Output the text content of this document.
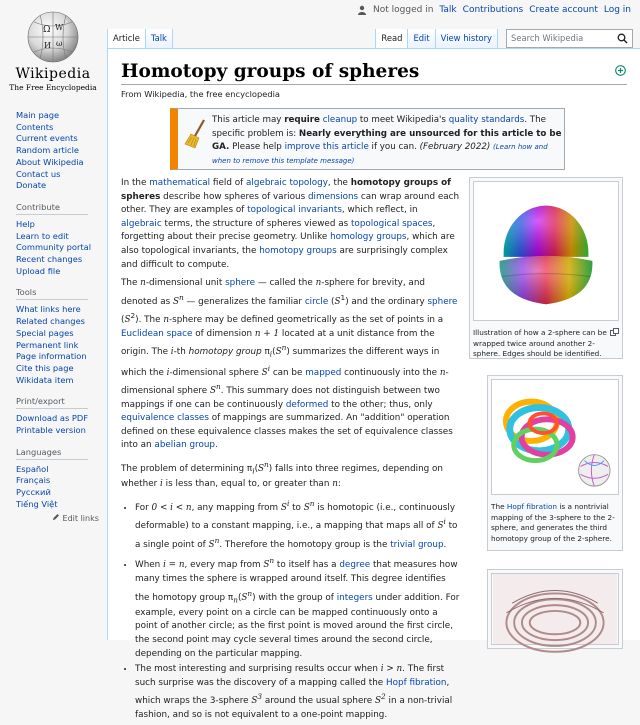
Not logged in Talk Contributions Create account Log in
Ω W
И ω
Wikipedia
The Free Encyclopedia
Main page
Contents
Current events
Random article
About Wikipedia
Contact us
Donate
Contribute
Help
Learn to edit
Community portal
Recent changes
Upload file
Tools
What links here
Related changes
Special pages
Permanent link
Page information
Cite this page
Wikidata item
Print/export
Download as PDF
Printable version
Languages
Español
Français
Русский
Tiếng Việt
Edit links
Article	Talk	Read	Edit	View history	Search Wikipedia
Homotopy groups of spheres
From Wikipedia, the free encyclopedia
This article may require cleanup to meet Wikipedia's quality standards. The specific problem is: Nearly everything are unsourced for this article to be GA. Please help improve this article if you can. (February 2022) (Learn how and when to remove this template message)

In the mathematical field of algebraic topology, the homotopy groups of spheres describe how spheres of various dimensions can wrap around each other. They are examples of topological invariants, which reflect, in algebraic terms, the structure of spheres viewed as topological spaces, forgetting about their precise geometry. Unlike homology groups, which are also topological invariants, the homotopy groups are surprisingly complex and difficult to compute.

The n-dimensional unit sphere — called the n-sphere for brevity, and denoted as $S^n$ — generalizes the familiar circle $(S^1)$ and the ordinary sphere $(S^2)$. The n-sphere may be defined geometrically as the set of points in a Euclidean space of dimension n + 1 located at a unit distance from the origin. The i-th homotopy group $\pi_i(S^n)$ summarizes the different ways in which the i-dimensional sphere $S^i$ can be mapped continuously into the n-dimensional sphere $S^n$. This summary does not distinguish between two mappings if one can be continuously deformed to the other; thus, only equivalence classes of mappings are summarized. An "addition" operation defined on these equivalence classes makes the set of equivalence classes into an abelian group.

The problem of determining $\pi_i(S^n)$ falls into three regimes, depending on whether i is less than, equal to, or greater than n:

• For 0 < i < n, any mapping from $S^i$ to $S^n$ is homotopic (i.e., continuously deformable) to a constant mapping, i.e., a mapping that maps all of $S^i$ to a single point of $S^n$. Therefore the homotopy group is the trivial group.
• When i = n, every map from $S^n$ to itself has a degree that measures how many times the sphere is wrapped around itself. This degree identifies the homotopy group $\pi_n(S^n)$ with the group of integers under addition. For example, every point on a circle can be mapped continuously onto a point of another circle; as the first point is moved around the first circle, the second point may cycle several times around the second circle, depending on the particular mapping.
• The most interesting and surprising results occur when i > n. The first such surprise was the discovery of a mapping called the Hopf fibration, which wraps the 3-sphere $S^3$ around the usual sphere $S^2$ in a non-trivial fashion, and so is not equivalent to a one-point mapping.
Illustration of how a 2-sphere can be wrapped twice around another 2-sphere. Edges should be identified.
The Hopf fibration is a nontrivial mapping of the 3-sphere to the 2-sphere, and generates the third homotopy group of the 2-sphere.
